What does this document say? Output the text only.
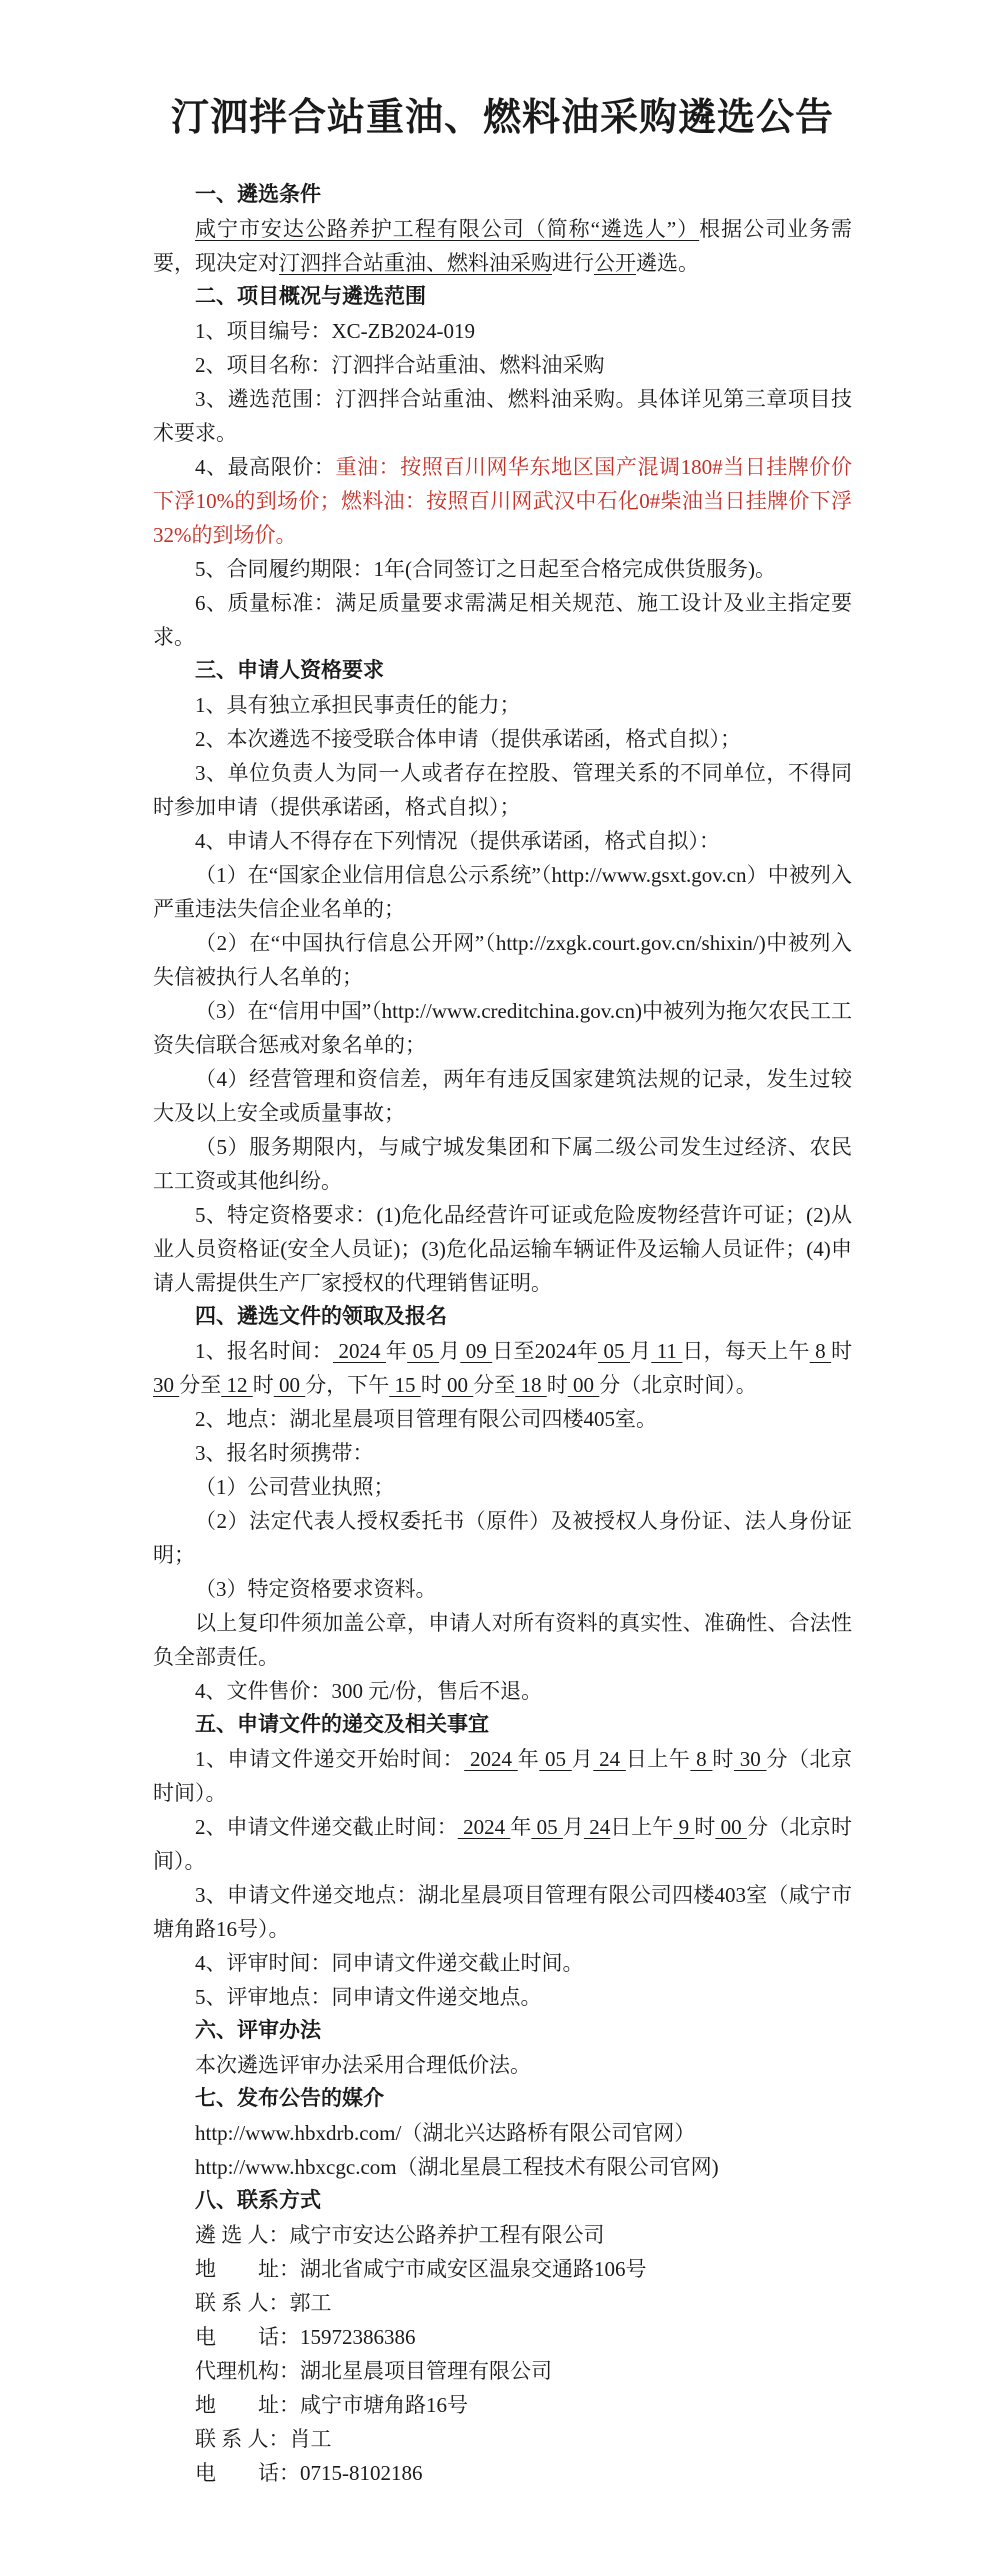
汀泗拌合站重油、燃料油采购遴选公告

一、遴选条件

咸宁市安达公路养护工程有限公司（简称“遴选人”）根据公司业务需要，现决定对汀泗拌合站重油、燃料油采购进行公开遴选。

二、项目概况与遴选范围

1、项目编号：XC-ZB2024-019

2、项目名称：汀泗拌合站重油、燃料油采购

3、遴选范围：汀泗拌合站重油、燃料油采购。具体详见第三章项目技术要求。

4、最高限价：重油：按照百川网华东地区国产混调180#当日挂牌价价下浮10%的到场价；燃料油：按照百川网武汉中石化0#柴油当日挂牌价下浮32%的到场价。

5、合同履约期限：1年(合同签订之日起至合格完成供货服务)。

6、质量标准：满足质量要求需满足相关规范、施工设计及业主指定要求。

三、申请人资格要求

1、具有独立承担民事责任的能力；

2、本次遴选不接受联合体申请（提供承诺函，格式自拟）；

3、单位负责人为同一人或者存在控股、管理关系的不同单位，不得同时参加申请（提供承诺函，格式自拟）；

4、申请人不得存在下列情况（提供承诺函，格式自拟）：

（1）在“国家企业信用信息公示系统”（http://www.gsxt.gov.cn）中被列入严重违法失信企业名单的；

（2）在“中国执行信息公开网”（http://zxgk.court.gov.cn/shixin/)中被列入失信被执行人名单的；

（3）在“信用中国”（http://www.creditchina.gov.cn)中被列为拖欠农民工工资失信联合惩戒对象名单的；

（4）经营管理和资信差，两年有违反国家建筑法规的记录，发生过较大及以上安全或质量事故；

（5）服务期限内，与咸宁城发集团和下属二级公司发生过经济、农民工工资或其他纠纷。

5、特定资格要求：(1)危化品经营许可证或危险废物经营许可证；(2)从业人员资格证(安全人员证)；(3)危化品运输车辆证件及运输人员证件；(4)申请人需提供生产厂家授权的代理销售证明。

四、遴选文件的领取及报名

1、报名时间： 2024 年 05 月 09 日至2024年 05 月 11 日，每天上午 8 时 30 分至 12 时 00 分，下午 15 时 00 分至 18 时 00 分（北京时间）。

2、地点：湖北星晨项目管理有限公司四楼405室。

3、报名时须携带：

（1）公司营业执照；

（2）法定代表人授权委托书（原件）及被授权人身份证、法人身份证明；

（3）特定资格要求资料。

以上复印件须加盖公章，申请人对所有资料的真实性、准确性、合法性负全部责任。

4、文件售价：300 元/份，售后不退。

五、申请文件的递交及相关事宜

1、申请文件递交开始时间： 2024 年 05 月 24 日上午 8 时 30 分（北京时间）。

2、申请文件递交截止时间： 2024 年 05 月 24日上午 9 时 00 分（北京时间）。

3、申请文件递交地点：湖北星晨项目管理有限公司四楼403室（咸宁市塘角路16号）。

4、评审时间：同申请文件递交截止时间。

5、评审地点：同申请文件递交地点。

六、评审办法

本次遴选评审办法采用合理低价法。

七、发布公告的媒介

http://www.hbxdrb.com/（湖北兴达路桥有限公司官网）

http://www.hbxcgc.com（湖北星晨工程技术有限公司官网)

八、联系方式

遴 选 人：咸宁市安达公路养护工程有限公司

地　　址：湖北省咸宁市咸安区温泉交通路106号

联 系 人：郭工

电　　话：15972386386

代理机构：湖北星晨项目管理有限公司

地　　址：咸宁市塘角路16号

联 系 人：肖工

电　　话：0715-8102186
